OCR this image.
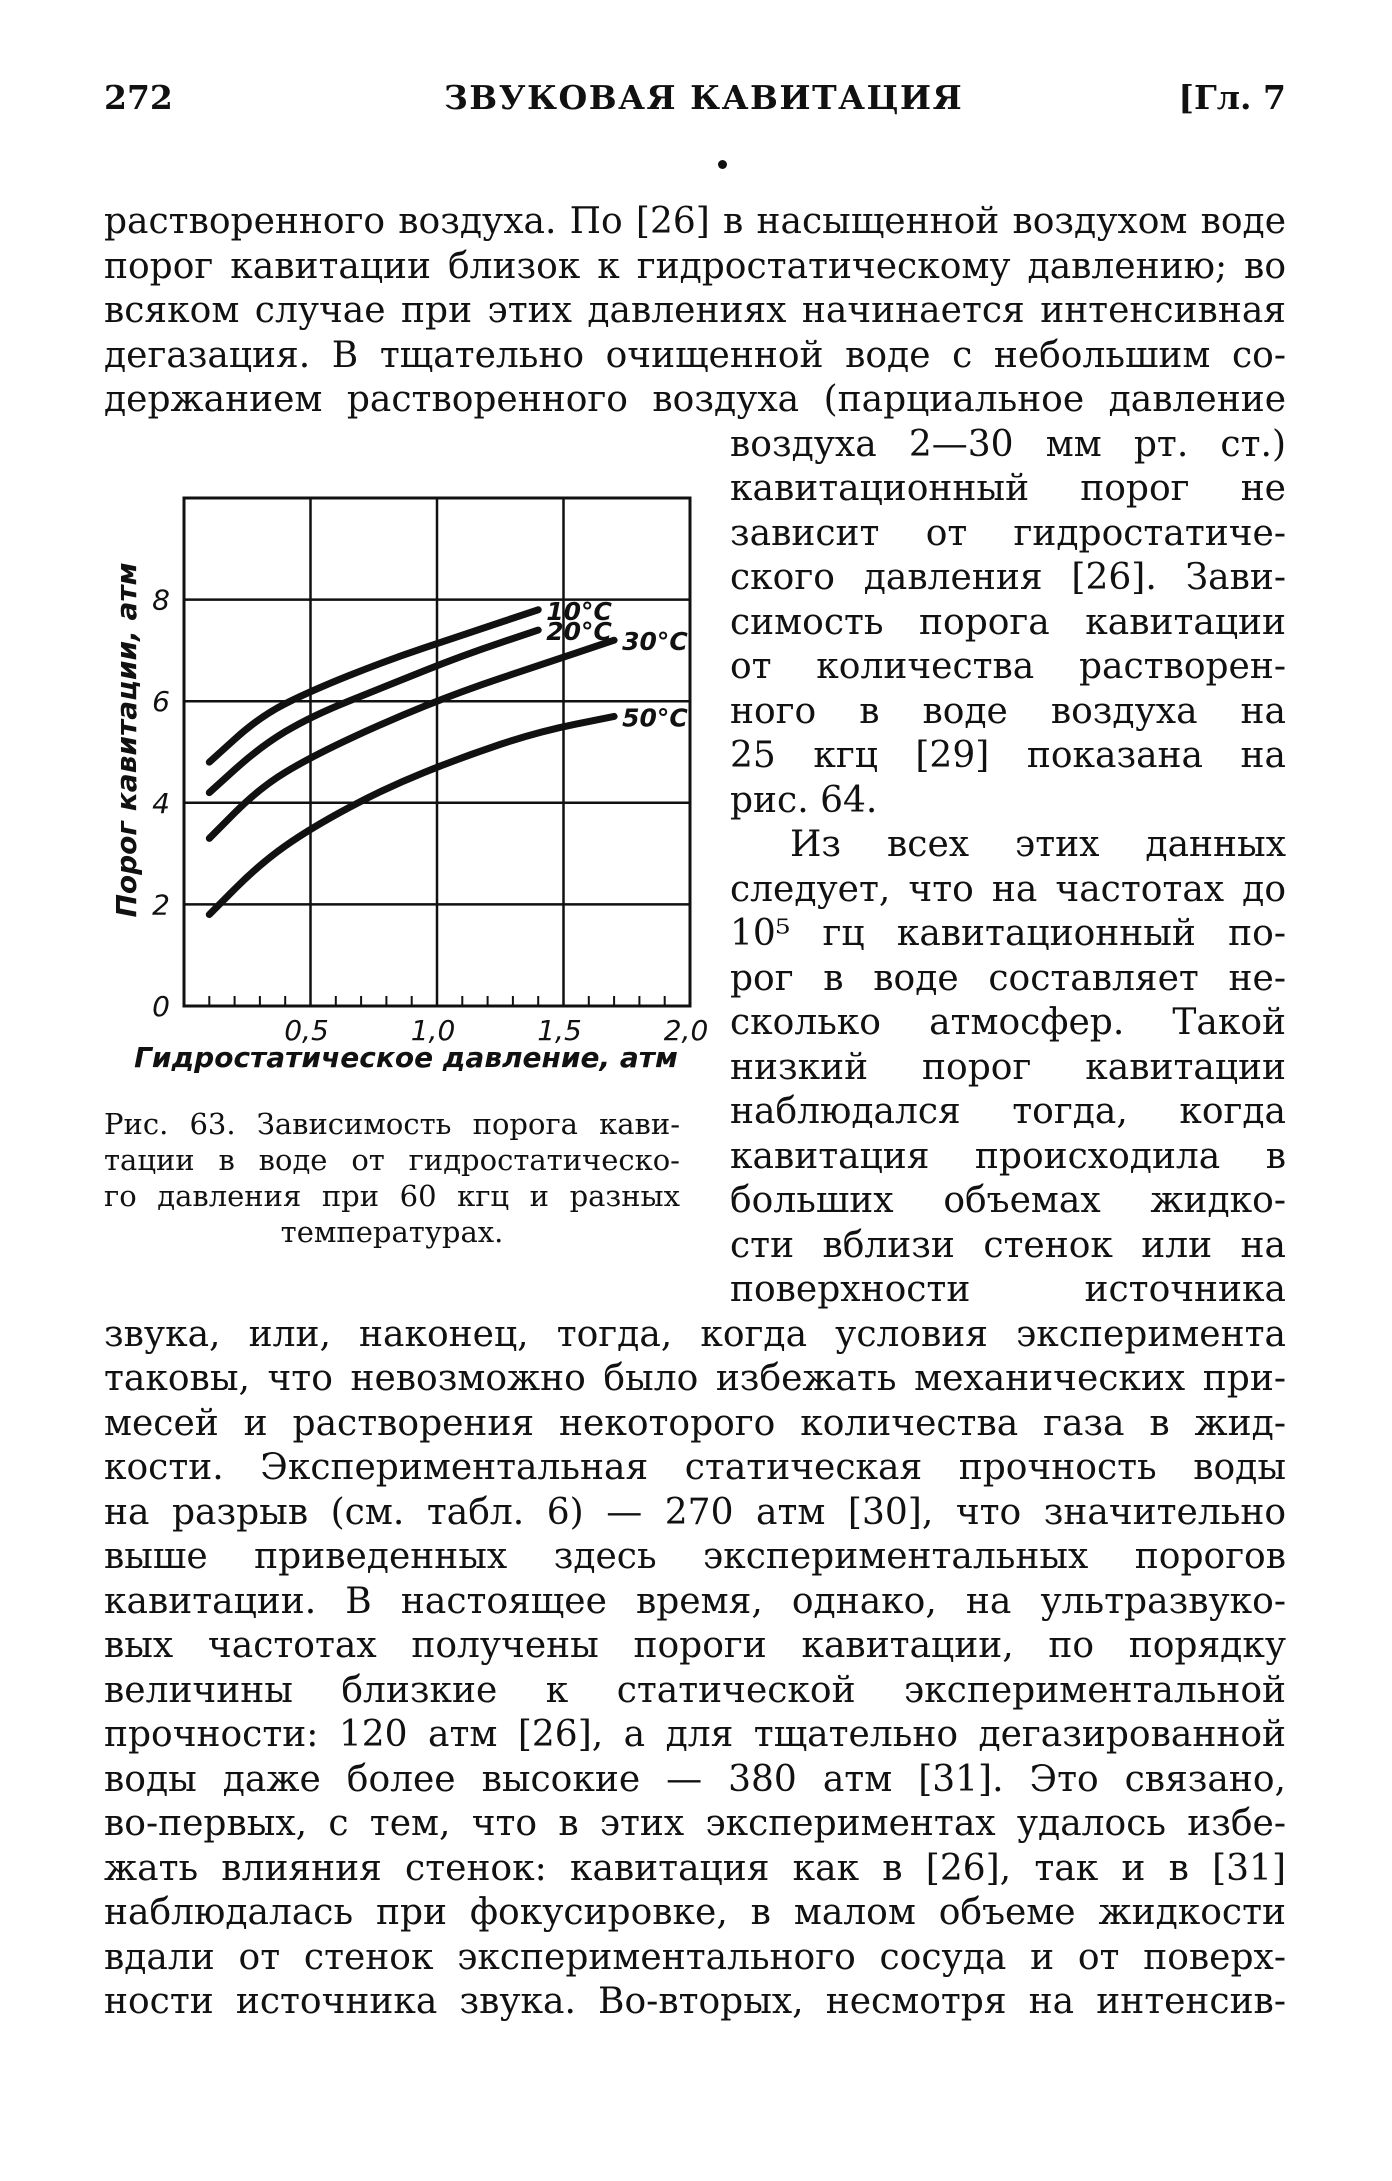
272	ЗВУКОВАЯ КАВИТАЦИЯ	[Гл. 7
растворенного воздуха. По [26] в насыщенной воздухом воде
порог кавитации близок к гидростатическому давлению; во
всяком случае при этих давлениях начинается интенсивная
дегазация. В тщательно очищенной воде с небольшим со-
держанием растворенного воздуха (парциальное давление
воздуха 2—30 мм рт. ст.)
кавитационный порог не
зависит от гидростатиче-
ского давления [26]. Зави-
симость порога кавитации
от количества растворен-
ного в воде воздуха на
25 кгц [29] показана на
рис. 64.
Из всех этих данных
следует, что на частотах до
10⁵ гц кавитационный по-
рог в воде составляет не-
сколько атмосфер. Такой
низкий порог кавитации
наблюдался тогда, когда
кавитация происходила в
больших объемах жидко-
сти вблизи стенок или на
поверхности источника
звука, или, наконец, тогда, когда условия эксперимента
таковы, что невозможно было избежать механических при-
месей и растворения некоторого количества газа в жид-
кости. Экспериментальная статическая прочность воды
на разрыв (см. табл. 6) — 270 атм [30], что значительно
выше приведенных здесь экспериментальных порогов
кавитации. В настоящее время, однако, на ультразвуко-
вых частотах получены пороги кавитации, по порядку
величины близкие к статической экспериментальной
прочности: 120 атм [26], а для тщательно дегазированной
воды даже более высокие — 380 атм [31]. Это связано,
во-первых, с тем, что в этих экспериментах удалось избе-
жать влияния стенок: кавитация как в [26], так и в [31]
наблюдалась при фокусировке, в малом объеме жидкости
вдали от стенок экспериментального сосуда и от поверх-
ности источника звука. Во-вторых, несмотря на интенсив-
0,5	1,0	1,5	2,0
0
2
4
6
8	10°C
20°C 30°C
50°C
Порог кавитации, атм
Гидростатическое давление, атм
Рис. 63. Зависимость порога кави-
тации в воде от гидростатическо-
го давления при 60 кгц и разных
температурах.
